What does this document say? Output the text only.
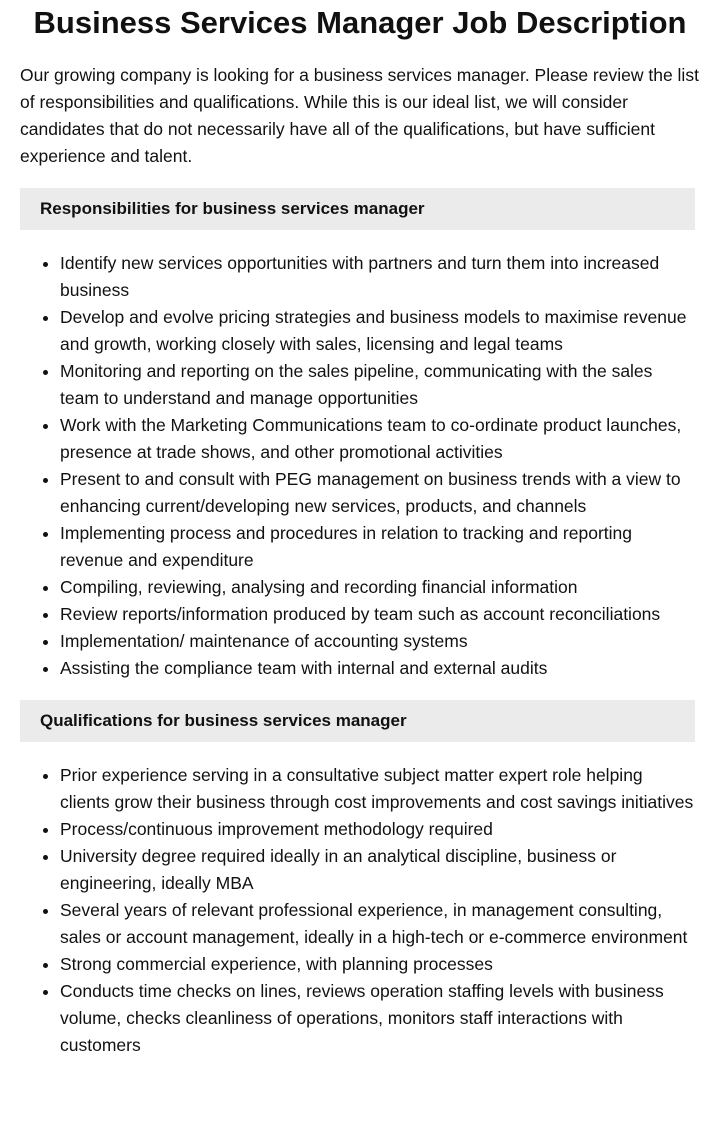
Business Services Manager Job Description

Our growing company is looking for a business services manager. Please review the list of responsibilities and qualifications. While this is our ideal list, we will consider candidates that do not necessarily have all of the qualifications, but have sufficient experience and talent.

Responsibilities for business services manager
• Identify new services opportunities with partners and turn them into increased business
• Develop and evolve pricing strategies and business models to maximise revenue and growth, working closely with sales, licensing and legal teams
• Monitoring and reporting on the sales pipeline, communicating with the sales team to understand and manage opportunities
• Work with the Marketing Communications team to co-ordinate product launches, presence at trade shows, and other promotional activities
• Present to and consult with PEG management on business trends with a view to enhancing current/developing new services, products, and channels
• Implementing process and procedures in relation to tracking and reporting revenue and expenditure
• Compiling, reviewing, analysing and recording financial information
• Review reports/information produced by team such as account reconciliations
• Implementation/ maintenance of accounting systems
• Assisting the compliance team with internal and external audits
Qualifications for business services manager
• Prior experience serving in a consultative subject matter expert role helping clients grow their business through cost improvements and cost savings initiatives
• Process/continuous improvement methodology required
• University degree required ideally in an analytical discipline, business or engineering, ideally MBA
• Several years of relevant professional experience, in management consulting, sales or account management, ideally in a high-tech or e-commerce environment
• Strong commercial experience, with planning processes
• Conducts time checks on lines, reviews operation staffing levels with business volume, checks cleanliness of operations, monitors staff interactions with customers
